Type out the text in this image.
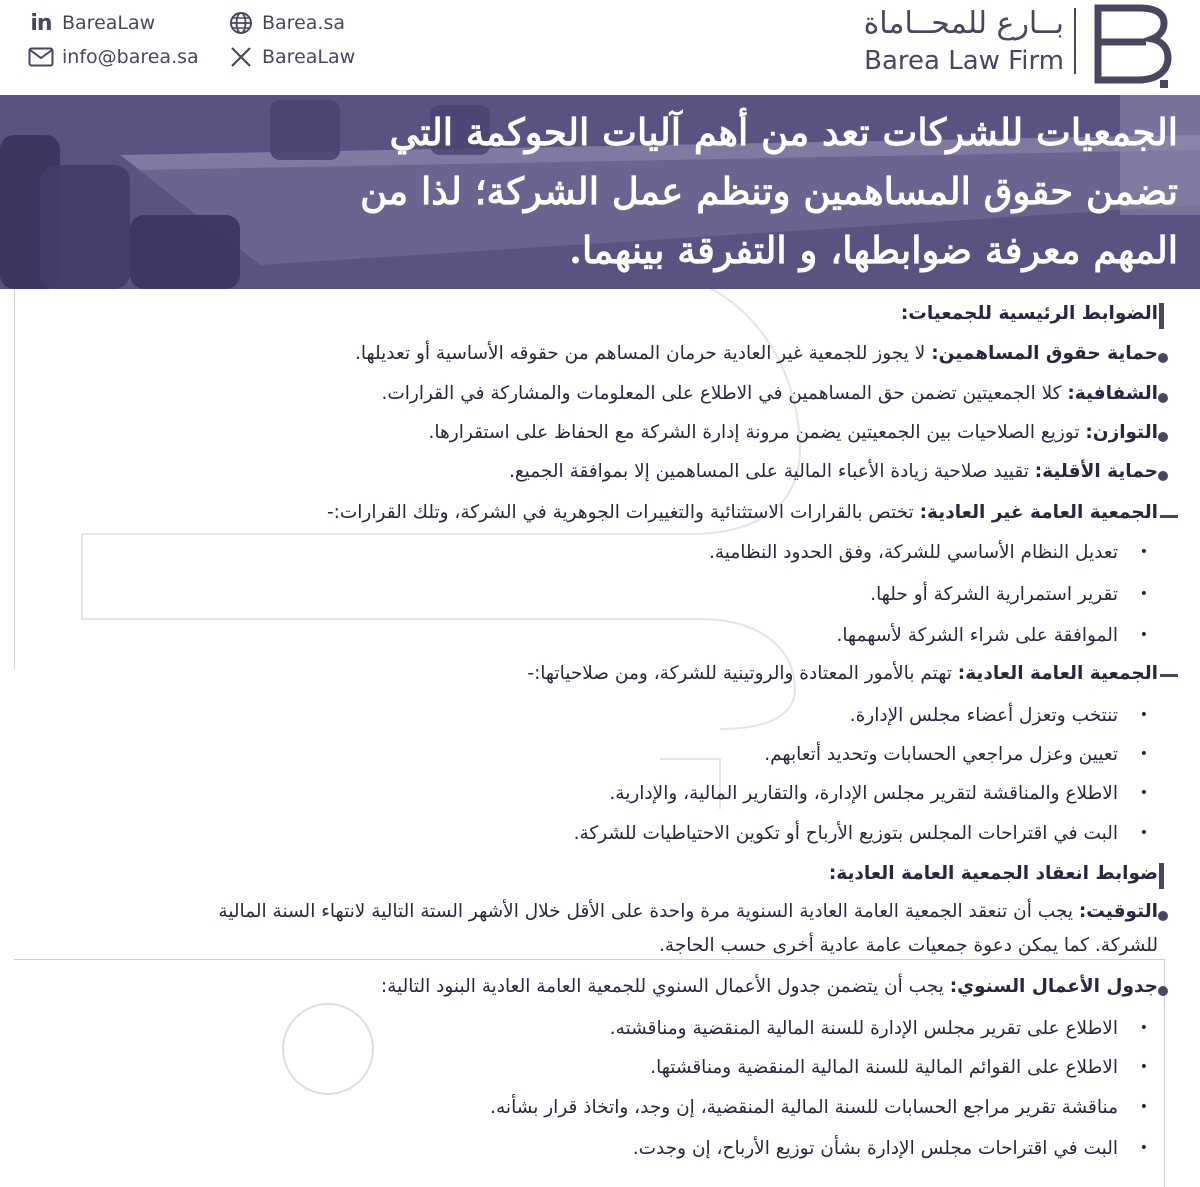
in BareaLaw
info@barea.sa
Barea.sa
BareaLaw
بــارع للمحــاماة
Barea Law Firm
الجمعيات للشركات تعد من أهم آليات الحوكمة التي
تضمن حقوق المساهمين وتنظم عمل الشركة؛ لذا من
المهم معرفة ضوابطها، و التفرقة بينهما.
الضوابط الرئيسية للجمعيات:
حماية حقوق المساهمين: لا يجوز للجمعية غير العادية حرمان المساهم من حقوقه الأساسية أو تعديلها.
الشفافية: كلا الجمعيتين تضمن حق المساهمين في الاطلاع على المعلومات والمشاركة في القرارات.
التوازن: توزيع الصلاحيات بين الجمعيتين يضمن مرونة إدارة الشركة مع الحفاظ على استقرارها.
حماية الأقلية: تقييد صلاحية زيادة الأعباء المالية على المساهمين إلا بموافقة الجميع.
الجمعية العامة غير العادية: تختص بالقرارات الاستثنائية والتغييرات الجوهرية في الشركة، وتلك القرارات:-
•
تعديل النظام الأساسي للشركة، وفق الحدود النظامية.
•
تقرير استمرارية الشركة أو حلها.
•
الموافقة على شراء الشركة لأسهمها.
الجمعية العامة العادية: تهتم بالأمور المعتادة والروتينية للشركة، ومن صلاحياتها:-
•
تنتخب وتعزل أعضاء مجلس الإدارة.
•
تعيين وعزل مراجعي الحسابات وتحديد أتعابهم.
•
الاطلاع والمناقشة لتقرير مجلس الإدارة، والتقارير المالية، والإدارية.
•
البت في اقتراحات المجلس بتوزيع الأرباح أو تكوين الاحتياطيات للشركة.
ضوابط انعقاد الجمعية العامة العادية:
التوقيت: يجب أن تنعقد الجمعية العامة العادية السنوية مرة واحدة على الأقل خلال الأشهر الستة التالية لانتهاء السنة المالية
للشركة. كما يمكن دعوة جمعيات عامة عادية أخرى حسب الحاجة.
جدول الأعمال السنوي: يجب أن يتضمن جدول الأعمال السنوي للجمعية العامة العادية البنود التالية:
•
الاطلاع على تقرير مجلس الإدارة للسنة المالية المنقضية ومناقشته.
•
الاطلاع على القوائم المالية للسنة المالية المنقضية ومناقشتها.
•
مناقشة تقرير مراجع الحسابات للسنة المالية المنقضية، إن وجد، واتخاذ قرار بشأنه.
•
البت في اقتراحات مجلس الإدارة بشأن توزيع الأرباح، إن وجدت.
